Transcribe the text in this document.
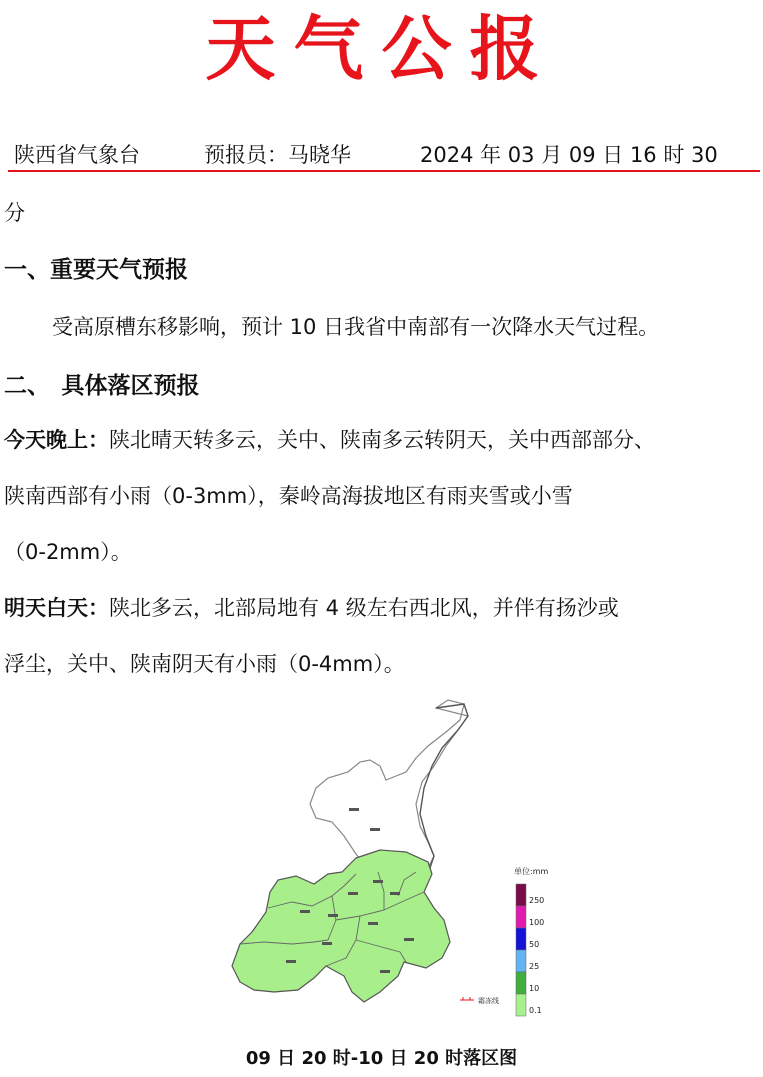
天气公报
陕西省气象台	预报员：马晓华	2024 年 03 月 09 日 16 时 30
分
一、重要天气预报
受高原槽东移影响，预计 10 日我省中南部有一次降水天气过程。
二、　具体落区预报
今天晚上：陕北晴天转多云，关中、陕南多云转阴天，关中西部部分、
陕南西部有小雨（0-3mm），秦岭高海拔地区有雨夹雪或小雪
（0-2mm）。
明天白天：陕北多云，北部局地有 4 级左右西北风，并伴有扬沙或
浮尘，关中、陕南阴天有小雨（0-4mm）。
单位:mm
250
100
50
25
10
0.1
霜冻线
09 日 20 时-10 日 20 时落区图
